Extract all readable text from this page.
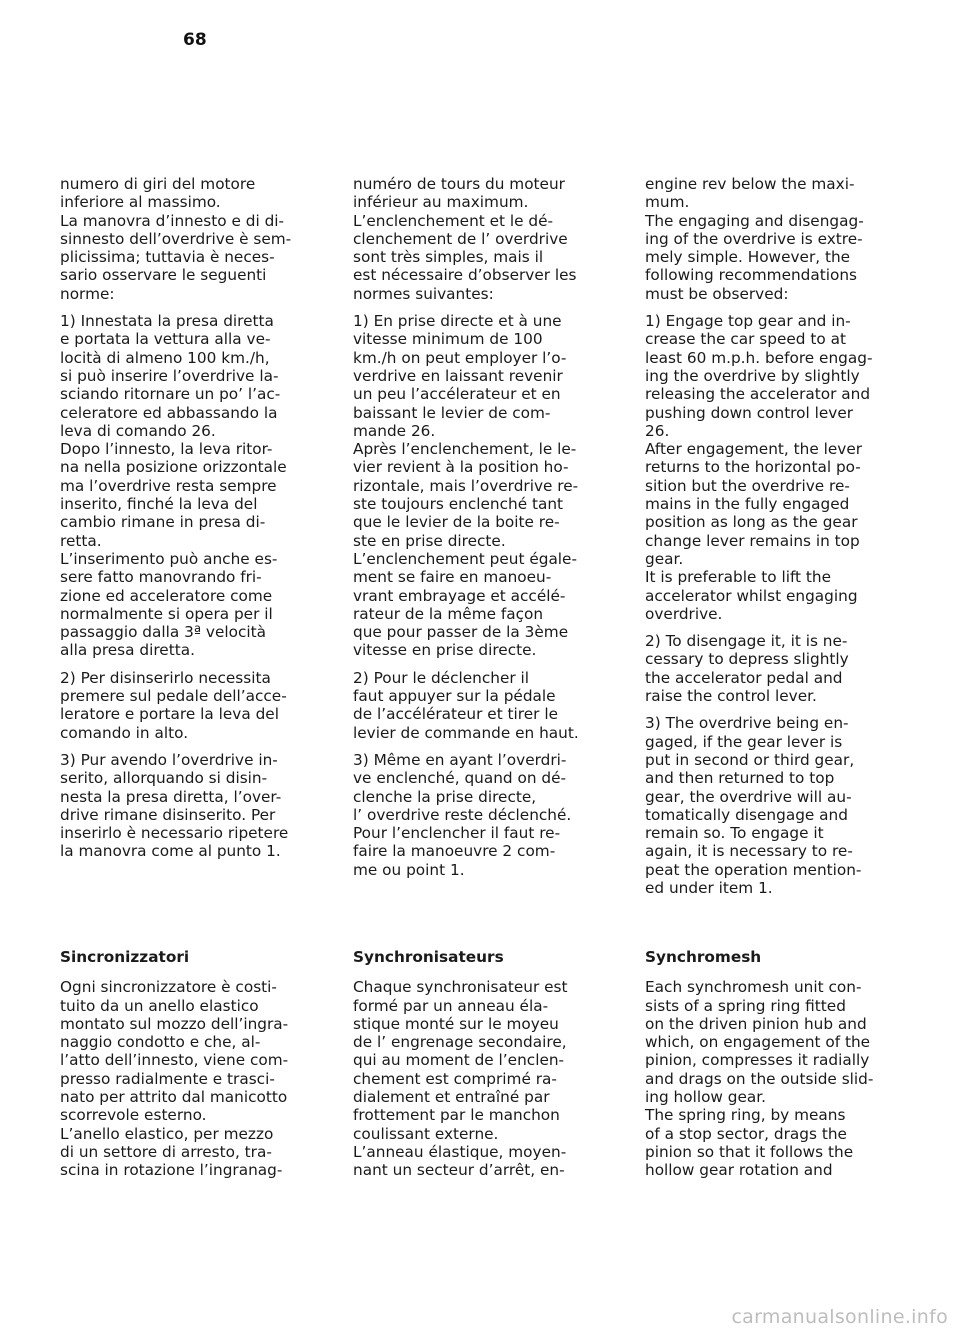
68

numero di giri del motore
inferiore al massimo.
La manovra d’innesto e di di-
sinnesto dell’overdrive è sem-
plicissima; tuttavia è neces-
sario osservare le seguenti
norme:

1) Innestata la presa diretta
e portata la vettura alla ve-
locità di almeno 100 km./h,
si può inserire l’overdrive la-
sciando ritornare un po’ l’ac-
celeratore ed abbassando la
leva di comando 26.
Dopo l’innesto, la leva ritor-
na nella posizione orizzontale
ma l’overdrive resta sempre
inserito, finché la leva del
cambio rimane in presa di-
retta.
L’inserimento può anche es-
sere fatto manovrando fri-
zione ed acceleratore come
normalmente si opera per il
passaggio dalla 3ª velocità
alla presa diretta.

2) Per disinserirlo necessita
premere sul pedale dell’acce-
leratore e portare la leva del
comando in alto.

3) Pur avendo l’overdrive in-
serito, allorquando si disin-
nesta la presa diretta, l’over-
drive rimane disinserito. Per
inserirlo è necessario ripetere
la manovra come al punto 1.

numéro de tours du moteur
inférieur au maximum.
L’enclenchement et le dé-
clenchement de l’ overdrive
sont très simples, mais il
est nécessaire d’observer les
normes suivantes:

1) En prise directe et à une
vitesse minimum de 100
km./h on peut employer l’o-
verdrive en laissant revenir
un peu l’accélerateur et en
baissant le levier de com-
mande 26.
Après l’enclenchement, le le-
vier revient à la position ho-
rizontale, mais l’overdrive re-
ste toujours enclenché tant
que le levier de la boite re-
ste en prise directe.
L’enclenchement peut égale-
ment se faire en manoeu-
vrant embrayage et accélé-
rateur de la même façon
que pour passer de la 3ème
vitesse en prise directe.

2) Pour le déclencher il
faut appuyer sur la pédale
de l’accélérateur et tirer le
levier de commande en haut.

3) Même en ayant l’overdri-
ve enclenché, quand on dé-
clenche la prise directe,
l’ overdrive reste déclenché.
Pour l’enclencher il faut re-
faire la manoeuvre 2 com-
me ou point 1.

engine rev below the maxi-
mum.
The engaging and disengag-
ing of the overdrive is extre-
mely simple. However, the
following recommendations
must be observed:

1) Engage top gear and in-
crease the car speed to at
least 60 m.p.h. before engag-
ing the overdrive by slightly
releasing the accelerator and
pushing down control lever
26.
After engagement, the lever
returns to the horizontal po-
sition but the overdrive re-
mains in the fully engaged
position as long as the gear
change lever remains in top
gear.
It is preferable to lift the
accelerator whilst engaging
overdrive.

2) To disengage it, it is ne-
cessary to depress slightly
the accelerator pedal and
raise the control lever.

3) The overdrive being en-
gaged, if the gear lever is
put in second or third gear,
and then returned to top
gear, the overdrive will au-
tomatically disengage and
remain so. To engage it
again, it is necessary to re-
peat the operation mention-
ed under item 1.

Sincronizzatori

Ogni sincronizzatore è costi-
tuito da un anello elastico
montato sul mozzo dell’ingra-
naggio condotto e che, al-
l’atto dell’innesto, viene com-
presso radialmente e trasci-
nato per attrito dal manicotto
scorrevole esterno.
L’anello elastico, per mezzo
di un settore di arresto, tra-
scina in rotazione l’ingranag-

Synchronisateurs

Chaque synchronisateur est
formé par un anneau éla-
stique monté sur le moyeu
de l’ engrenage secondaire,
qui au moment de l’enclen-
chement est comprimé ra-
dialement et entraîné par
frottement par le manchon
coulissant externe.
L’anneau élastique, moyen-
nant un secteur d’arrêt, en-

Synchromesh

Each synchromesh unit con-
sists of a spring ring fitted
on the driven pinion hub and
which, on engagement of the
pinion, compresses it radially
and drags on the outside slid-
ing hollow gear.
The spring ring, by means
of a stop sector, drags the
pinion so that it follows the
hollow gear rotation and

carmanualsonline.info
